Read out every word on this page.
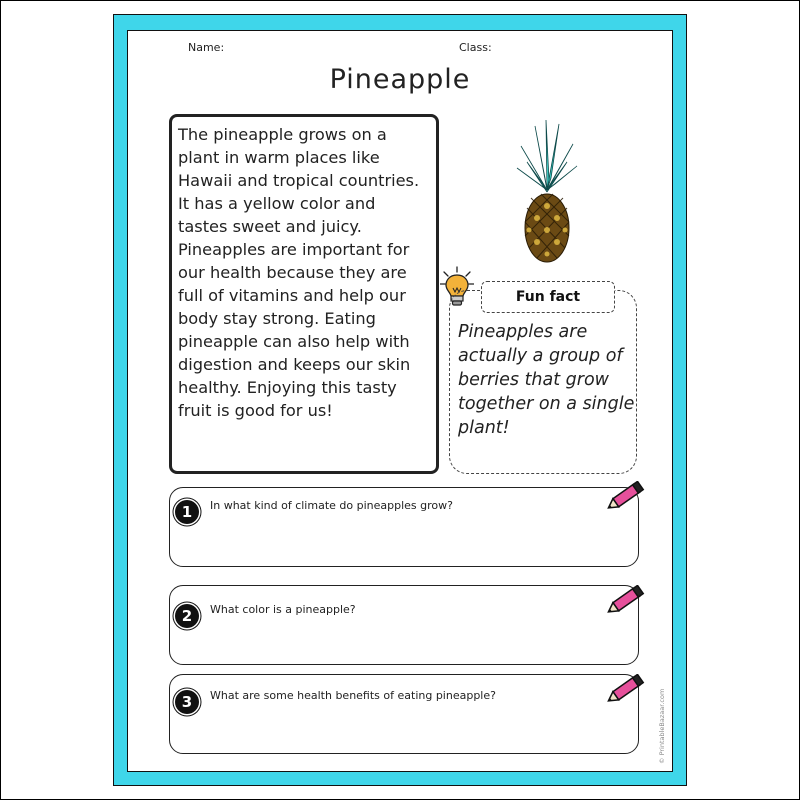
Name:	Class:
Pineapple
The pineapple grows on a
plant in warm places like
Hawaii and tropical countries.
It has a yellow color and
tastes sweet and juicy.
Pineapples are important for
our health because they are
full of vitamins and help our
body stay strong. Eating
pineapple can also help with
digestion and keeps our skin
healthy. Enjoying this tasty
fruit is good for us!
Fun fact
Pineapples are
actually a group of
berries that grow
together on a single
plant!
1	In what kind of climate do pineapples grow?
2	What color is a pineapple?
3	What are some health benefits of eating pineapple?	© PrintableBazaar.com
